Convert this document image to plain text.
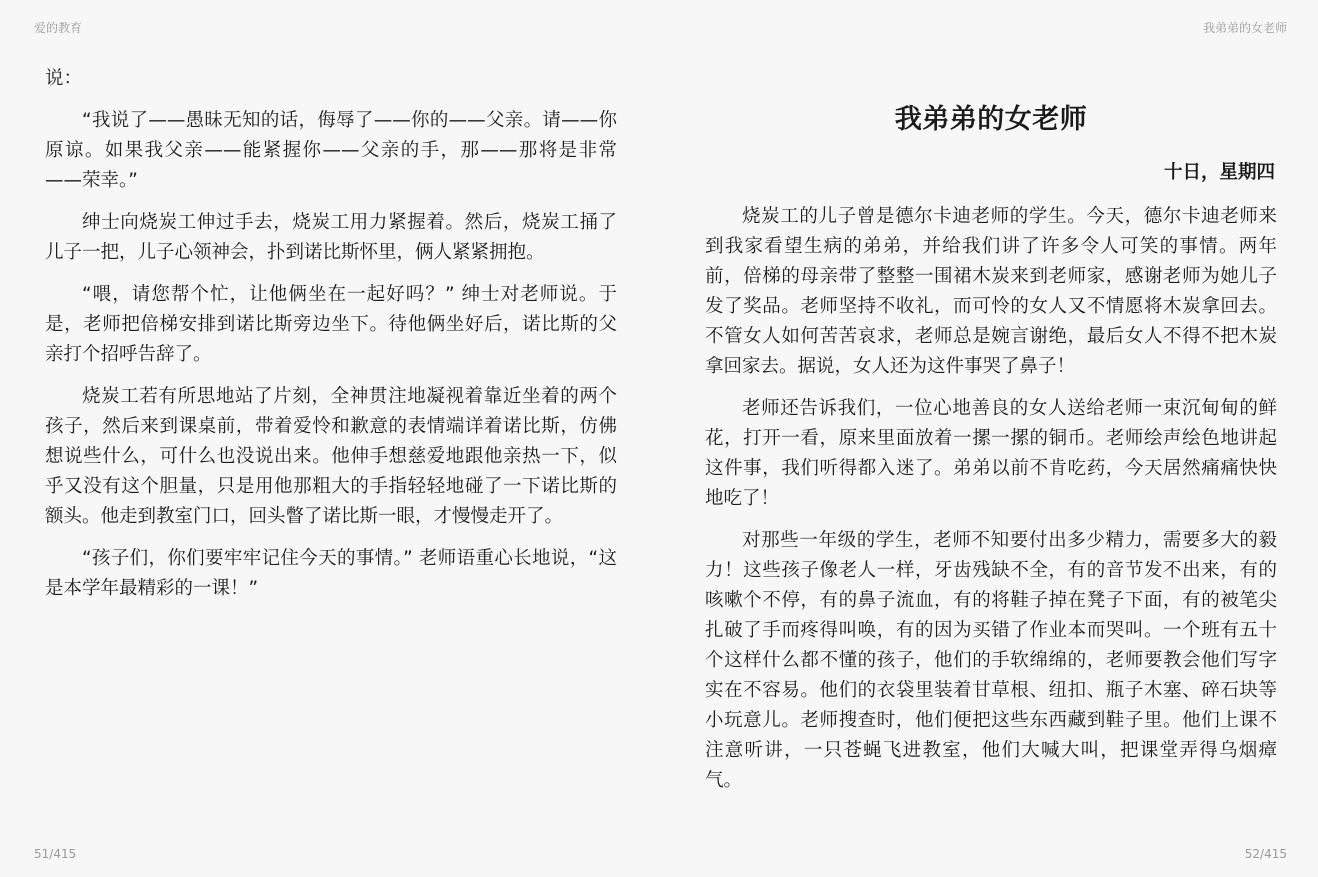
爱的教育	我弟弟的女老师

说：

“我说了——愚昧无知的话，侮辱了——你的——父亲。请——你原谅。如果我父亲——能紧握你——父亲的手，那——那将是非常——荣幸。”

绅士向烧炭工伸过手去，烧炭工用力紧握着。然后，烧炭工捅了儿子一把，儿子心领神会，扑到诺比斯怀里，俩人紧紧拥抱。

“喂，请您帮个忙，让他俩坐在一起好吗？” 绅士对老师说。于是，老师把倍梯安排到诺比斯旁边坐下。待他俩坐好后，诺比斯的父亲打个招呼告辞了。

烧炭工若有所思地站了片刻，全神贯注地凝视着靠近坐着的两个孩子，然后来到课桌前，带着爱怜和歉意的表情端详着诺比斯，仿佛想说些什么，可什么也没说出来。他伸手想慈爱地跟他亲热一下，似乎又没有这个胆量，只是用他那粗大的手指轻轻地碰了一下诺比斯的额头。他走到教室门口，回头瞥了诺比斯一眼，才慢慢走开了。

“孩子们，你们要牢牢记住今天的事情。” 老师语重心长地说，“这是本学年最精彩的一课！”

我弟弟的女老师
十日，星期四

烧炭工的儿子曾是德尔卡迪老师的学生。今天，德尔卡迪老师来到我家看望生病的弟弟，并给我们讲了许多令人可笑的事情。两年前，倍梯的母亲带了整整一围裙木炭来到老师家，感谢老师为她儿子发了奖品。老师坚持不收礼，而可怜的女人又不情愿将木炭拿回去。不管女人如何苦苦哀求，老师总是婉言谢绝，最后女人不得不把木炭拿回家去。据说，女人还为这件事哭了鼻子！

老师还告诉我们，一位心地善良的女人送给老师一束沉甸甸的鲜花，打开一看，原来里面放着一摞一摞的铜币。老师绘声绘色地讲起这件事，我们听得都入迷了。弟弟以前不肯吃药，今天居然痛痛快快地吃了！

对那些一年级的学生，老师不知要付出多少精力，需要多大的毅力！这些孩子像老人一样，牙齿残缺不全，有的音节发不出来，有的咳嗽个不停，有的鼻子流血，有的将鞋子掉在凳子下面，有的被笔尖扎破了手而疼得叫唤，有的因为买错了作业本而哭叫。一个班有五十个这样什么都不懂的孩子，他们的手软绵绵的，老师要教会他们写字实在不容易。他们的衣袋里装着甘草根、纽扣、瓶子木塞、碎石块等小玩意儿。老师搜查时，他们便把这些东西藏到鞋子里。他们上课不注意听讲，一只苍蝇飞进教室，他们大喊大叫，把课堂弄得乌烟瘴气。

51/415	52/415
